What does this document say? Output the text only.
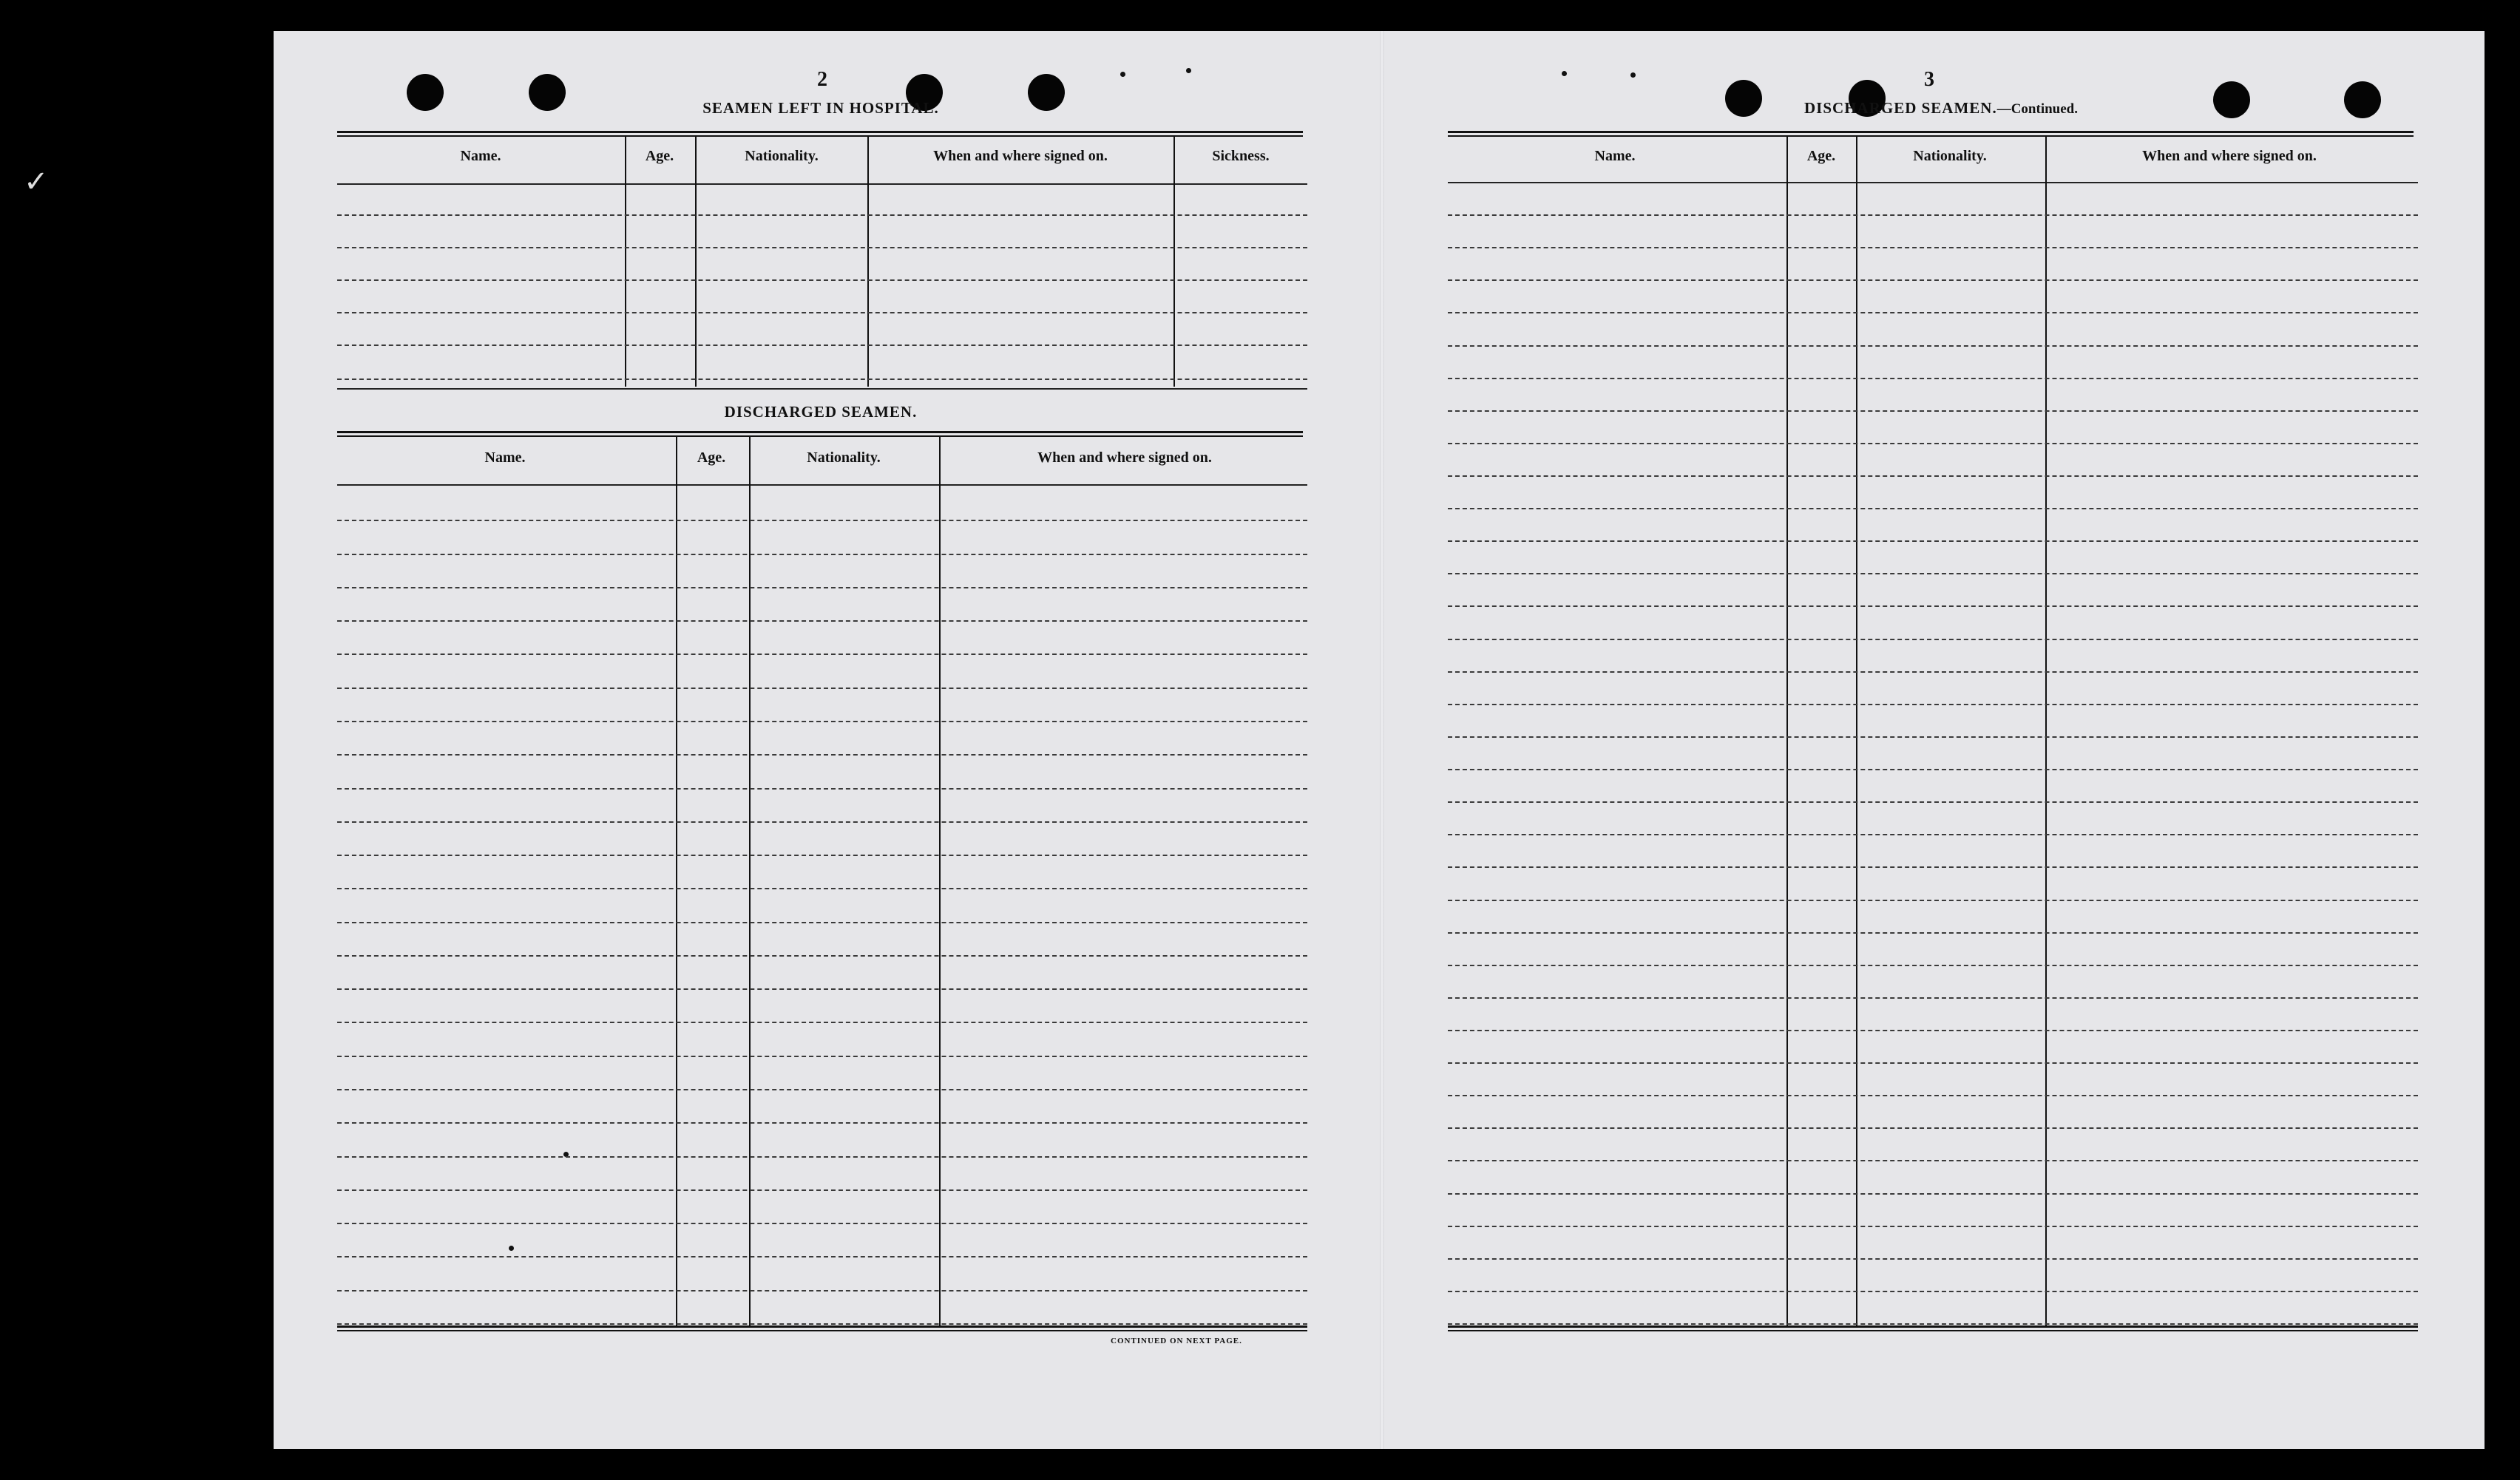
✓
2
SEAMEN LEFT IN HOSPITAL.
Name.	Age.	Nationality.	When and where signed on.	Sickness.
DISCHARGED SEAMEN.
Name.	Age.	Nationality.	When and where signed on.
CONTINUED ON NEXT PAGE.
3
DISCHARGED SEAMEN.—Continued.
Name.	Age.	Nationality.	When and where signed on.
